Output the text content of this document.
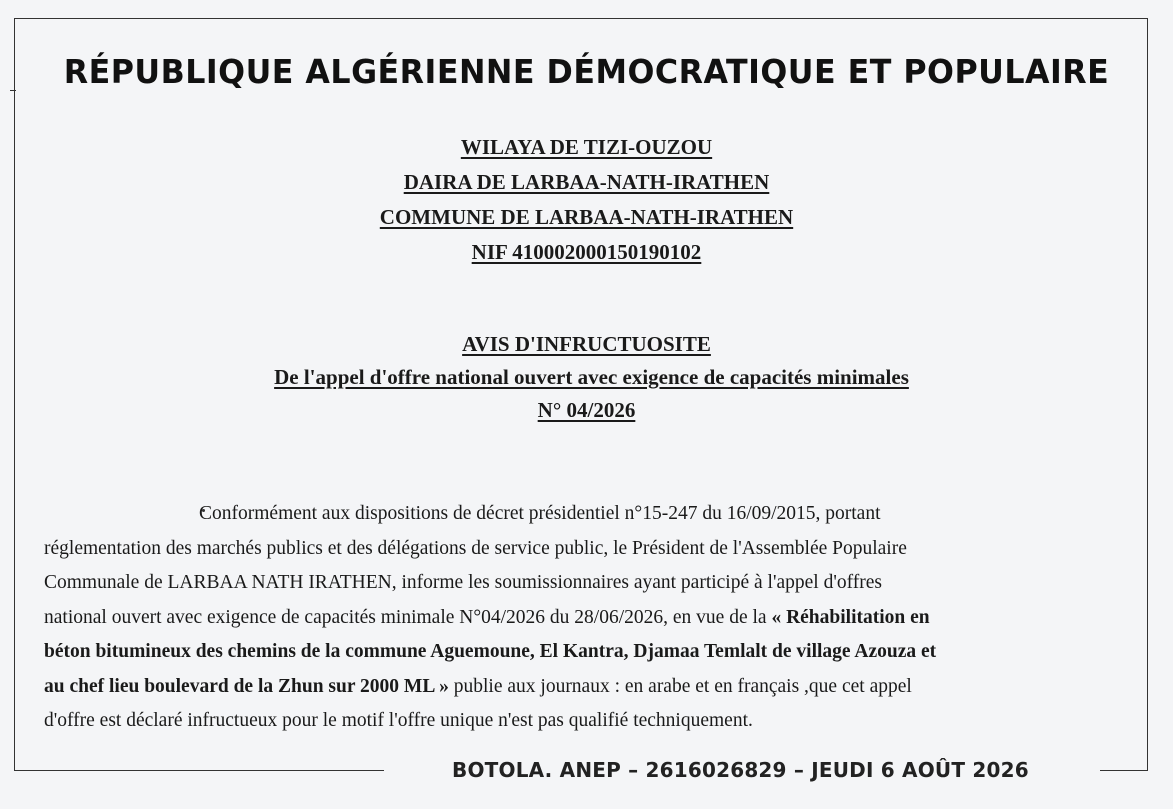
RÉPUBLIQUE ALGÉRIENNE DÉMOCRATIQUE ET POPULAIRE
WILAYA DE TIZI-OUZOU
DAIRA DE LARBAA-NATH-IRATHEN
COMMUNE DE LARBAA-NATH-IRATHEN
NIF 410002000150190102
AVIS D'INFRUCTUOSITE
De l'appel d'offre national ouvert avec exigence de capacités minimales
N° 04/2026
Conformément aux dispositions de décret présidentiel n°15-247 du 16/09/2015, portant
réglementation des marchés publics et des délégations de service public, le Président de l'Assemblée Populaire
Communale de LARBAA NATH IRATHEN, informe les soumissionnaires ayant participé à l'appel d'offres
national ouvert avec exigence de capacités minimale N°04/2026 du 28/06/2026, en vue de la « Réhabilitation en
béton bitumineux des chemins de la commune Aguemoune, El Kantra, Djamaa Temlalt de village Azouza et
au chef lieu boulevard de la Zhun sur 2000 ML » publie aux journaux : en arabe et en français ,que cet appel
d'offre est déclaré infructueux pour le motif l'offre unique n'est pas qualifié techniquement.
BOTOLA. ANEP – 2616026829 – JEUDI 6 AOÛT 2026
